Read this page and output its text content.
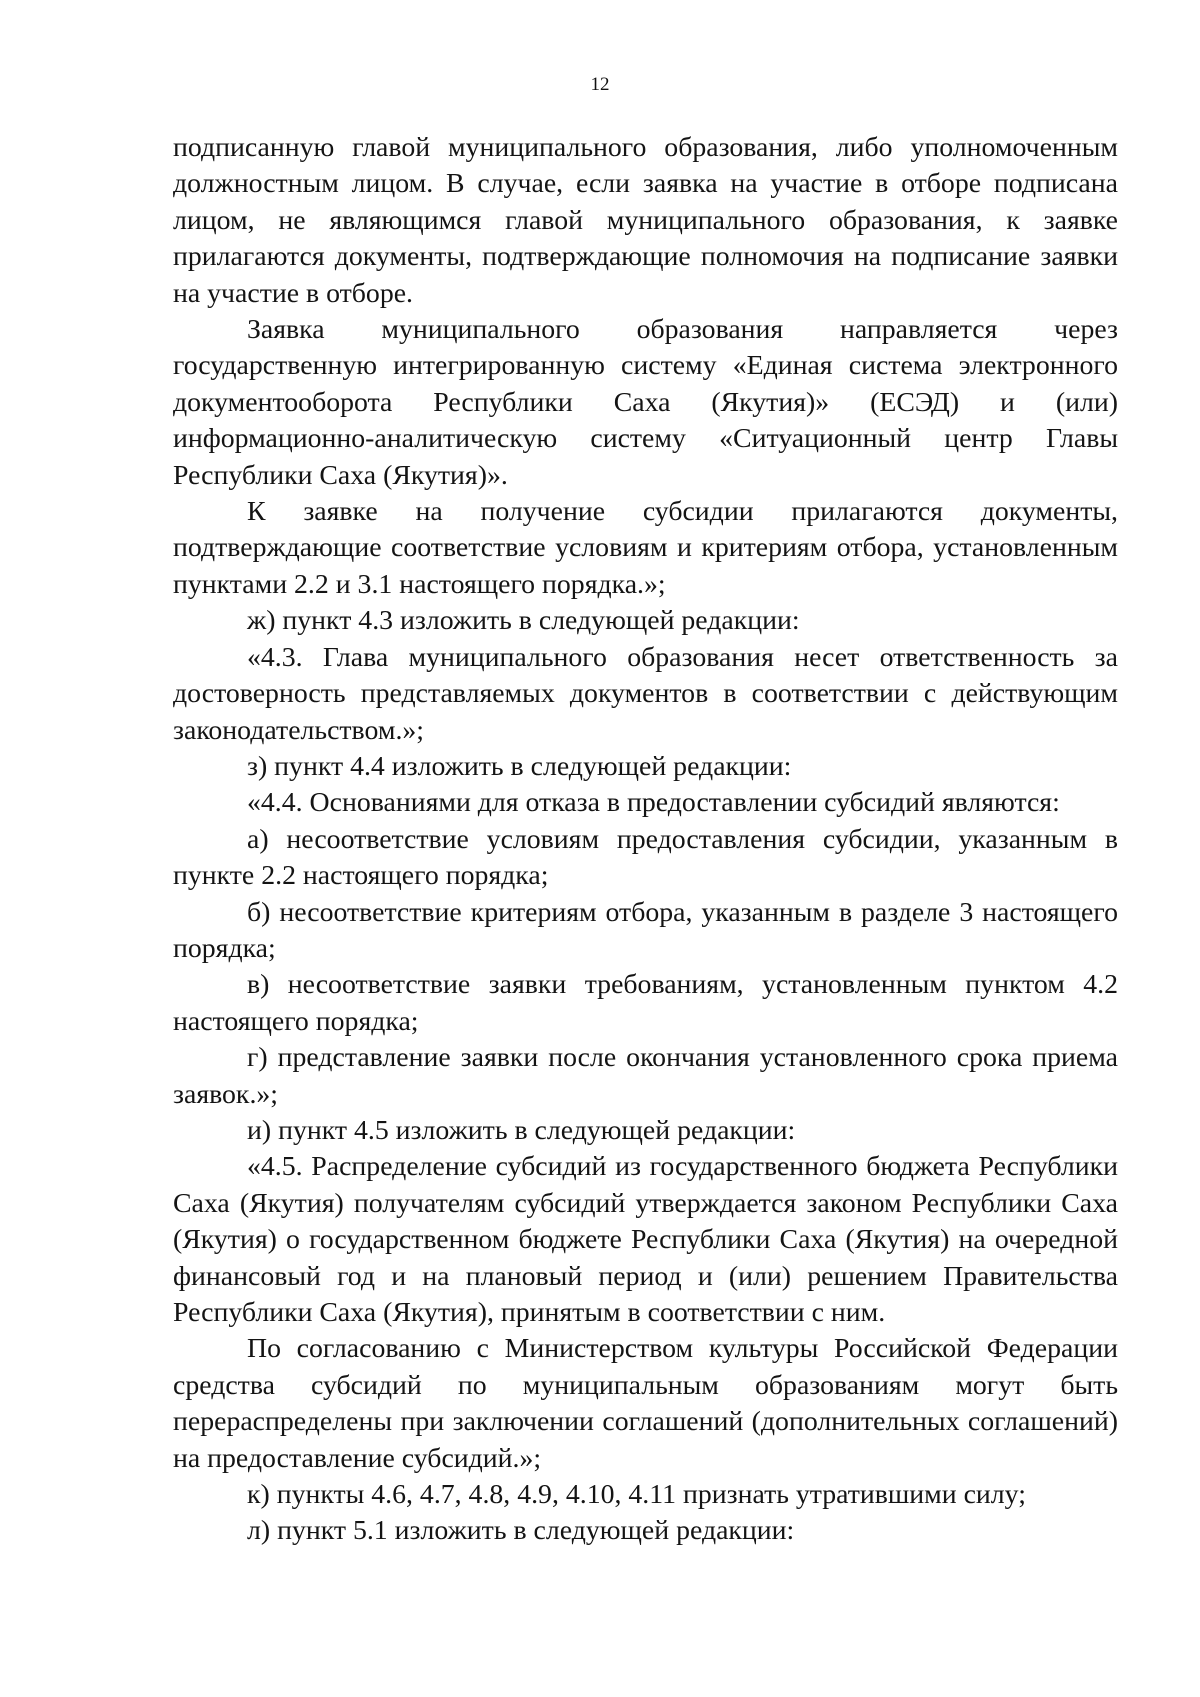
12

подписанную главой муниципального образования, либо уполномоченным должностным лицом. В случае, если заявка на участие в отборе подписана лицом, не являющимся главой муниципального образования, к заявке прилагаются документы, подтверждающие полномочия на подписание заявки на участие в отборе.

Заявка муниципального образования направляется через государственную интегрированную систему «Единая система электронного документооборота Республики Саха (Якутия)» (ЕСЭД) и (или) информационно-аналитическую систему «Ситуационный центр Главы Республики Саха (Якутия)».

К заявке на получение субсидии прилагаются документы, подтверждающие соответствие условиям и критериям отбора, установленным пунктами 2.2 и 3.1 настоящего порядка.»;

ж) пункт 4.3 изложить в следующей редакции:

«4.3. Глава муниципального образования несет ответственность за достоверность представляемых документов в соответствии с действующим законодательством.»;

з) пункт 4.4 изложить в следующей редакции:

«4.4. Основаниями для отказа в предоставлении субсидий являются:

а) несоответствие условиям предоставления субсидии, указанным в пункте 2.2 настоящего порядка;

б) несоответствие критериям отбора, указанным в разделе 3 настоящего порядка;

в) несоответствие заявки требованиям, установленным пунктом 4.2 настоящего порядка;

г) представление заявки после окончания установленного срока приема заявок.»;

и) пункт 4.5 изложить в следующей редакции:

«4.5. Распределение субсидий из государственного бюджета Республики Саха (Якутия) получателям субсидий утверждается законом Республики Саха (Якутия) о государственном бюджете Республики Саха (Якутия) на очередной финансовый год и на плановый период и (или) решением Правительства Республики Саха (Якутия), принятым в соответствии с ним.

По согласованию с Министерством культуры Российской Федерации средства субсидий по муниципальным образованиям могут быть перераспределены при заключении соглашений (дополнительных соглашений) на предоставление субсидий.»;

к) пункты 4.6, 4.7, 4.8, 4.9, 4.10, 4.11 признать утратившими силу;

л) пункт 5.1 изложить в следующей редакции:
